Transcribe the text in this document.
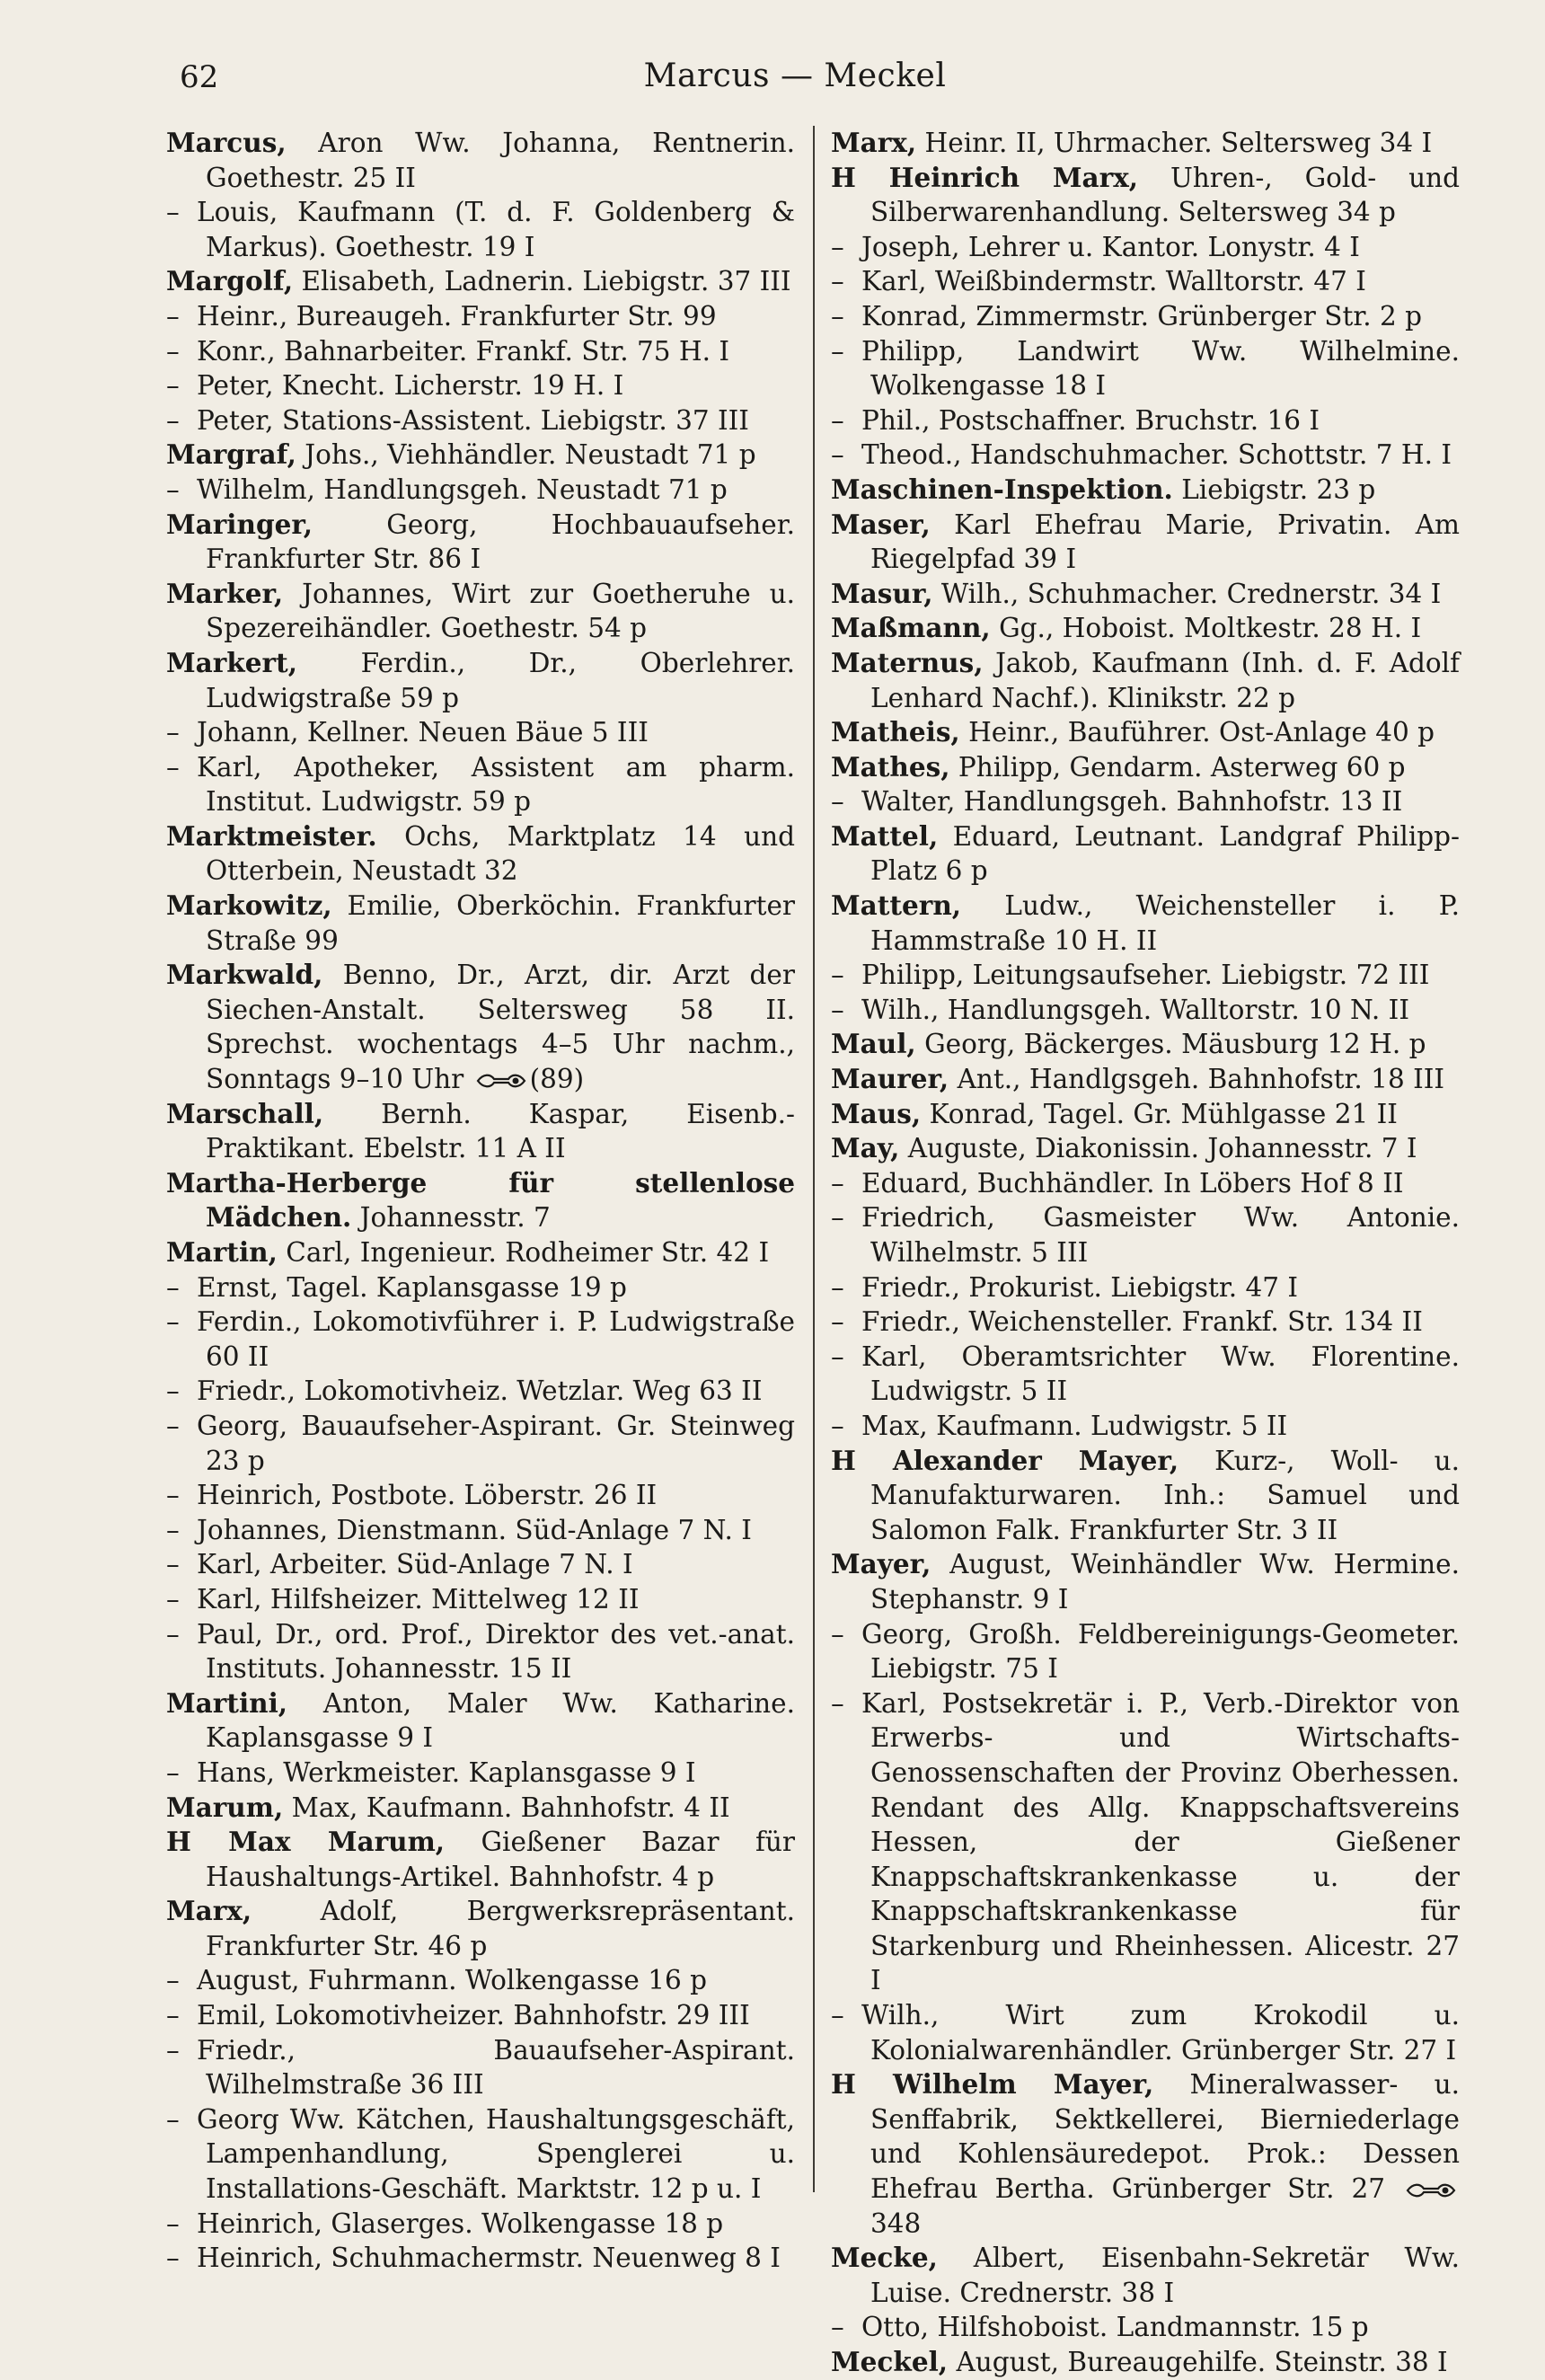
62	Marcus — Meckel

Marcus, Aron Ww. Johanna, Rentnerin. Goethestr. 25 II

– Louis, Kaufmann (T. d. F. Goldenberg & Markus). Goethestr. 19 I

Margolf, Elisabeth, Ladnerin. Liebigstr. 37 III

– Heinr., Bureaugeh. Frankfurter Str. 99

– Konr., Bahnarbeiter. Frankf. Str. 75 H. I

– Peter, Knecht. Licherstr. 19 H. I

– Peter, Stations-Assistent. Liebigstr. 37 III

Margraf, Johs., Viehhändler. Neustadt 71 p

– Wilhelm, Handlungsgeh. Neustadt 71 p

Maringer, Georg, Hochbauaufseher. Frankfurter Str. 86 I

Marker, Johannes, Wirt zur Goetheruhe u. Spezereihändler. Goethestr. 54 p

Markert, Ferdin., Dr., Oberlehrer. Ludwigstraße 59 p

– Johann, Kellner. Neuen Bäue 5 III

– Karl, Apotheker, Assistent am pharm. Institut. Ludwigstr. 59 p

Marktmeister. Ochs, Marktplatz 14 und Otterbein, Neustadt 32

Markowitz, Emilie, Oberköchin. Frankfurter Straße 99

Markwald, Benno, Dr., Arzt, dir. Arzt der Siechen-Anstalt. Seltersweg 58 II. Sprechst. wochentags 4–5 Uhr nachm., Sonntags 9–10 Uhr (89)

Marschall, Bernh. Kaspar, Eisenb.-Praktikant. Ebelstr. 11 A II

Martha-Herberge für stellenlose Mädchen. Johannesstr. 7

Martin, Carl, Ingenieur. Rodheimer Str. 42 I

– Ernst, Tagel. Kaplansgasse 19 p

– Ferdin., Lokomotivführer i. P. Ludwigstraße 60 II

– Friedr., Lokomotivheiz. Wetzlar. Weg 63 II

– Georg, Bauaufseher-Aspirant. Gr. Steinweg 23 p

– Heinrich, Postbote. Löberstr. 26 II

– Johannes, Dienstmann. Süd-Anlage 7 N. I

– Karl, Arbeiter. Süd-Anlage 7 N. I

– Karl, Hilfsheizer. Mittelweg 12 II

– Paul, Dr., ord. Prof., Direktor des vet.-anat. Instituts. Johannesstr. 15 II

Martini, Anton, Maler Ww. Katharine. Kaplansgasse 9 I

– Hans, Werkmeister. Kaplansgasse 9 I

Marum, Max, Kaufmann. Bahnhofstr. 4 II

H Max Marum, Gießener Bazar für Haushaltungs-Artikel. Bahnhofstr. 4 p

Marx, Adolf, Bergwerksrepräsentant. Frankfurter Str. 46 p

– August, Fuhrmann. Wolkengasse 16 p

– Emil, Lokomotivheizer. Bahnhofstr. 29 III

– Friedr., Bauaufseher-Aspirant. Wilhelmstraße 36 III

– Georg Ww. Kätchen, Haushaltungsgeschäft, Lampenhandlung, Spenglerei u. Installations-Geschäft. Marktstr. 12 p u. I

– Heinrich, Glaserges. Wolkengasse 18 p

– Heinrich, Schuhmachermstr. Neuenweg 8 I

Marx, Heinr. II, Uhrmacher. Seltersweg 34 I

H Heinrich Marx, Uhren-, Gold- und Silberwarenhandlung. Seltersweg 34 p

– Joseph, Lehrer u. Kantor. Lonystr. 4 I

– Karl, Weißbindermstr. Walltorstr. 47 I

– Konrad, Zimmermstr. Grünberger Str. 2 p

– Philipp, Landwirt Ww. Wilhelmine. Wolkengasse 18 I

– Phil., Postschaffner. Bruchstr. 16 I

– Theod., Handschuhmacher. Schottstr. 7 H. I

Maschinen-Inspektion. Liebigstr. 23 p

Maser, Karl Ehefrau Marie, Privatin. Am Riegelpfad 39 I

Masur, Wilh., Schuhmacher. Crednerstr. 34 I

Maßmann, Gg., Hoboist. Moltkestr. 28 H. I

Maternus, Jakob, Kaufmann (Inh. d. F. Adolf Lenhard Nachf.). Klinikstr. 22 p

Matheis, Heinr., Bauführer. Ost-Anlage 40 p

Mathes, Philipp, Gendarm. Asterweg 60 p

– Walter, Handlungsgeh. Bahnhofstr. 13 II

Mattel, Eduard, Leutnant. Landgraf Philipp-Platz 6 p

Mattern, Ludw., Weichensteller i. P. Hammstraße 10 H. II

– Philipp, Leitungsaufseher. Liebigstr. 72 III

– Wilh., Handlungsgeh. Walltorstr. 10 N. II

Maul, Georg, Bäckerges. Mäusburg 12 H. p

Maurer, Ant., Handlgsgeh. Bahnhofstr. 18 III

Maus, Konrad, Tagel. Gr. Mühlgasse 21 II

May, Auguste, Diakonissin. Johannesstr. 7 I

– Eduard, Buchhändler. In Löbers Hof 8 II

– Friedrich, Gasmeister Ww. Antonie. Wilhelmstr. 5 III

– Friedr., Prokurist. Liebigstr. 47 I

– Friedr., Weichensteller. Frankf. Str. 134 II

– Karl, Oberamtsrichter Ww. Florentine. Ludwigstr. 5 II

– Max, Kaufmann. Ludwigstr. 5 II

H Alexander Mayer, Kurz-, Woll- u. Manufakturwaren. Inh.: Samuel und Salomon Falk. Frankfurter Str. 3 II

Mayer, August, Weinhändler Ww. Hermine. Stephanstr. 9 I

– Georg, Großh. Feldbereinigungs-Geometer. Liebigstr. 75 I

– Karl, Postsekretär i. P., Verb.-Direktor von Erwerbs- und Wirtschafts-Genossenschaften der Provinz Oberhessen. Rendant des Allg. Knappschaftsvereins Hessen, der Gießener Knappschaftskrankenkasse u. der Knappschaftskrankenkasse für Starkenburg und Rheinhessen. Alicestr. 27 I

– Wilh., Wirt zum Krokodil u. Kolonialwarenhändler. Grünberger Str. 27 I

H Wilhelm Mayer, Mineralwasser- u. Senffabrik, Sektkellerei, Bierniederlage und Kohlensäuredepot. Prok.: Dessen Ehefrau Bertha. Grünberger Str. 27 348

Mecke, Albert, Eisenbahn-Sekretär Ww. Luise. Crednerstr. 38 I

– Otto, Hilfshoboist. Landmannstr. 15 p

Meckel, August, Bureaugehilfe. Steinstr. 38 I
